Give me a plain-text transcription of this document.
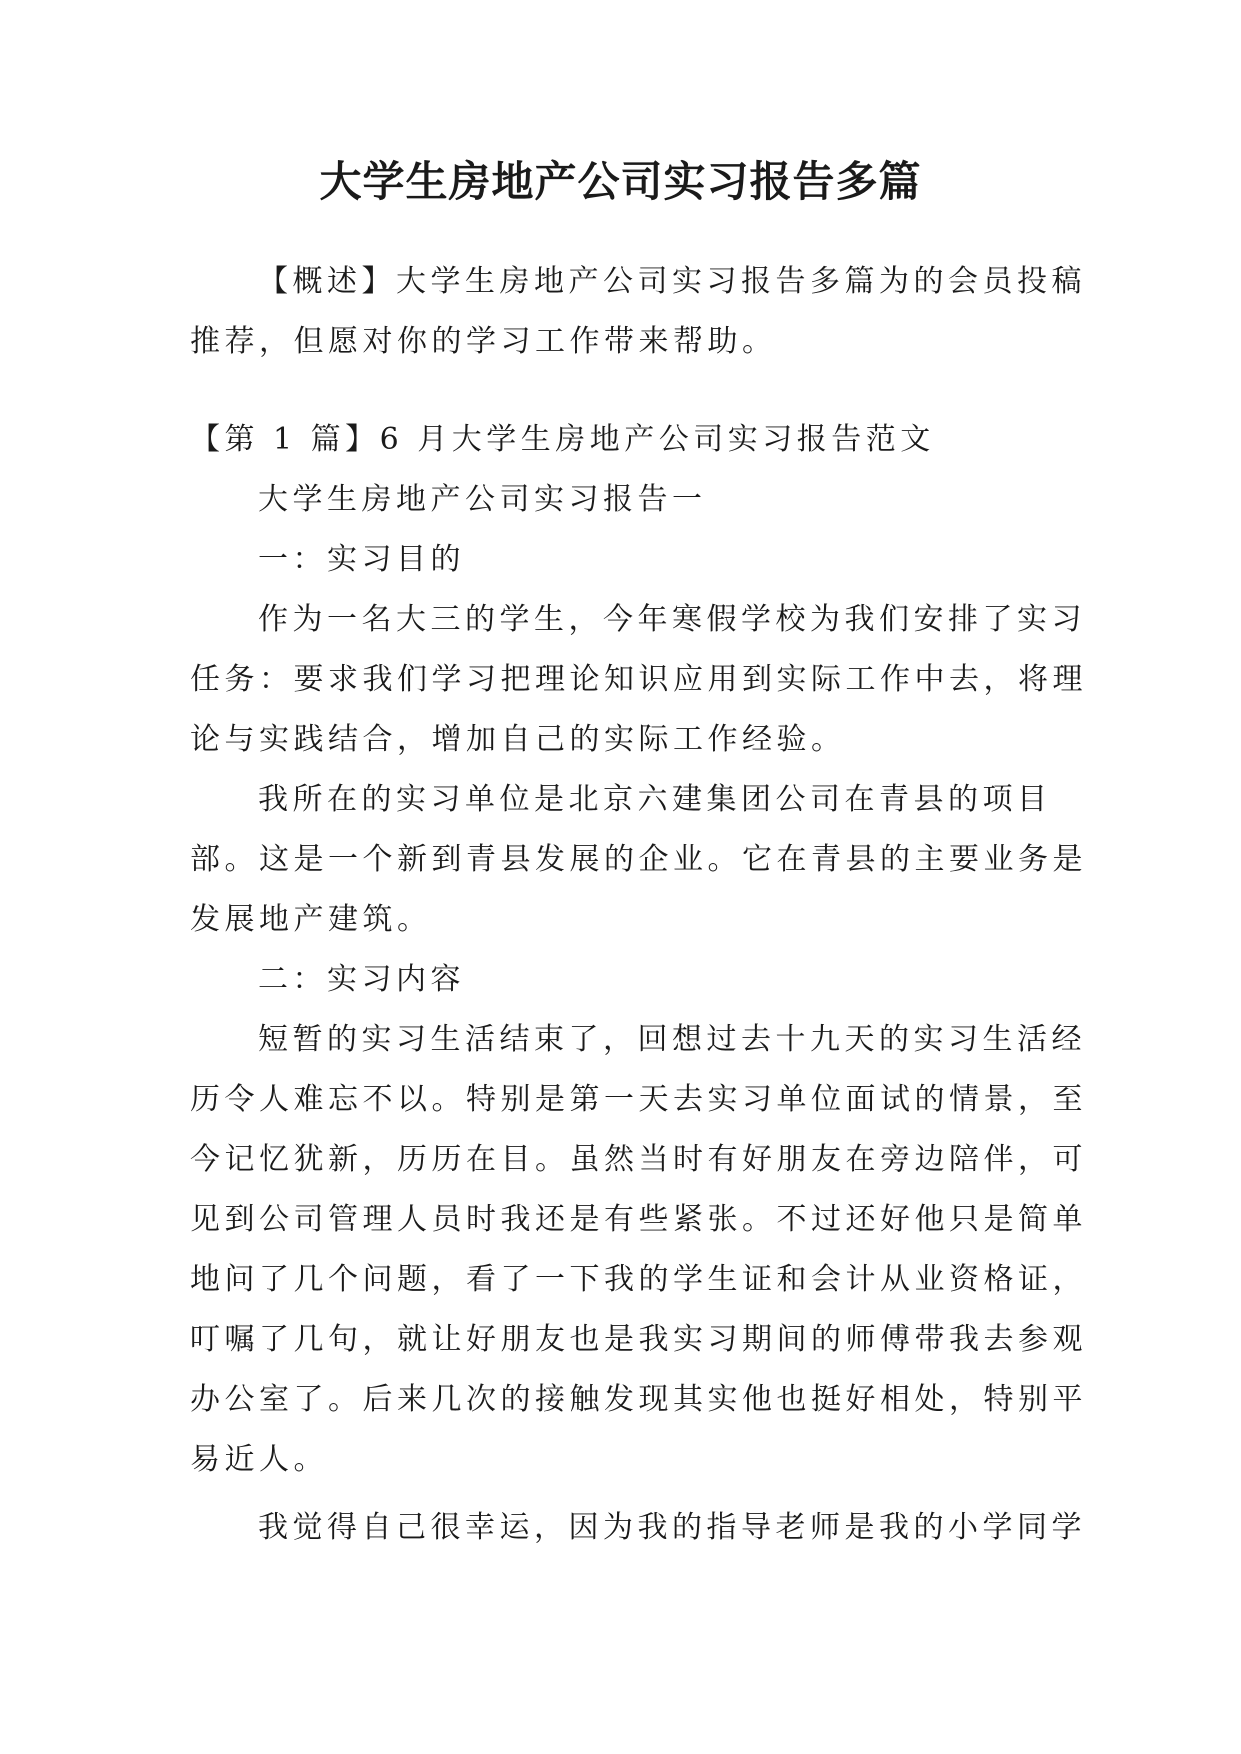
大学生房地产公司实习报告多篇
【概述】大学生房地产公司实习报告多篇为的会员投稿
推荐，但愿对你的学习工作带来帮助。
【第 1 篇】6 月大学生房地产公司实习报告范文
大学生房地产公司实习报告一
一：实习目的
作为一名大三的学生，今年寒假学校为我们安排了实习
任务：要求我们学习把理论知识应用到实际工作中去，将理
论与实践结合，增加自己的实际工作经验。
我所在的实习单位是北京六建集团公司在青县的项目
部。这是一个新到青县发展的企业。它在青县的主要业务是
发展地产建筑。
二：实习内容
短暂的实习生活结束了，回想过去十九天的实习生活经
历令人难忘不以。特别是第一天去实习单位面试的情景，至
今记忆犹新，历历在目。虽然当时有好朋友在旁边陪伴，可
见到公司管理人员时我还是有些紧张。不过还好他只是简单
地问了几个问题，看了一下我的学生证和会计从业资格证，
叮嘱了几句，就让好朋友也是我实习期间的师傅带我去参观
办公室了。后来几次的接触发现其实他也挺好相处，特别平
易近人。
我觉得自己很幸运，因为我的指导老师是我的小学同学
